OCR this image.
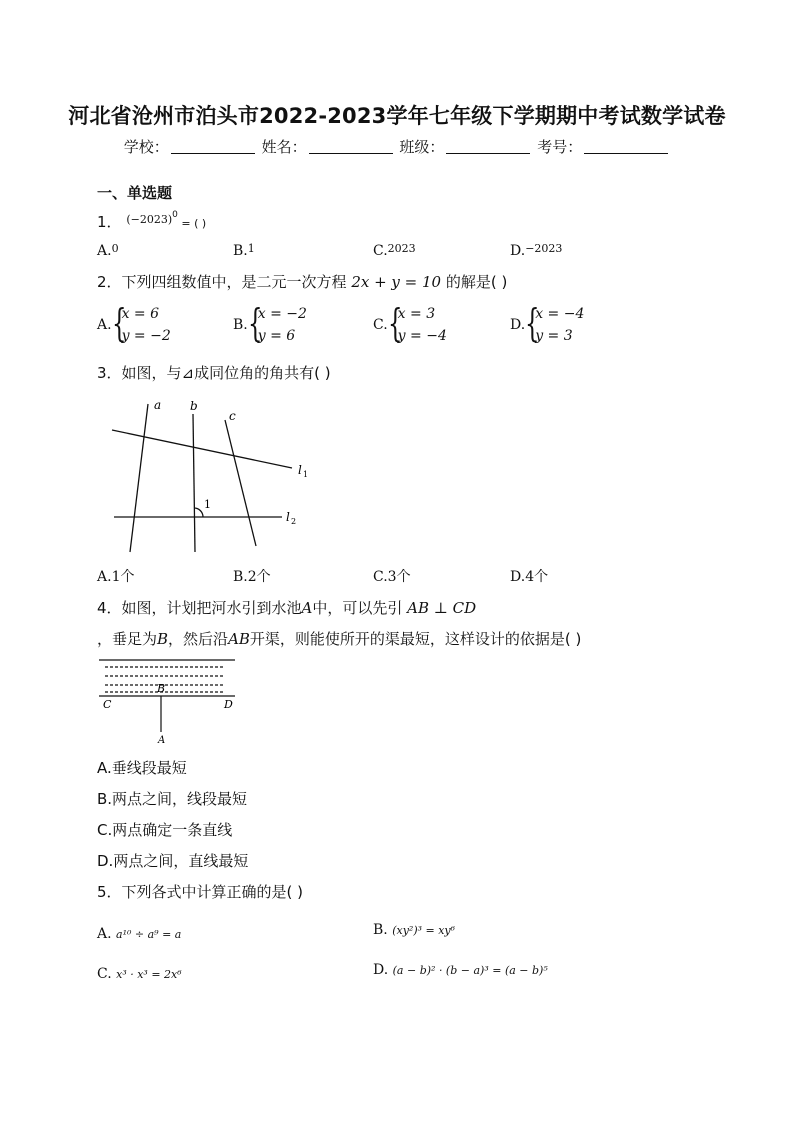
河北省沧州市泊头市2022-2023学年七年级下学期期中考试数学试卷
学校：	姓名：	班级：	考号：
一、单选题
1． $^{(-2023)0}$ = ( )
A.$^0$	B.$^1$	C.$^{2023}$	D.$^{-2023}$
2．下列四组数值中，是二元一次方程 2x + y = 10 的解是( )
A. {
x = 6
y = −2
B. {
x = −2
y = 6
C. {
x = 3
y = −4
D. {
x = −4
y = 3
3．如图，与⊿成同位角的角共有( )
a b
c
l 1
l 2
1
A.1个	B.2个	C.3个	D.4个
4．如图，计划把河水引到水池A中，可以先引 AB ⊥ CD
，垂足为B，然后沿AB开渠，则能使所开的渠最短，这样设计的依据是( )
B
C	D
A
A.垂线段最短
B.两点之间，线段最短
C.两点确定一条直线
D.两点之间，直线最短
5．下列各式中计算正确的是( )
A. a¹⁰ ÷ a⁹ = a	B. (xy²)³ = xy⁶
C. x³ · x³ = 2x⁶	D. (a − b)² · (b − a)³ = (a − b)⁵
